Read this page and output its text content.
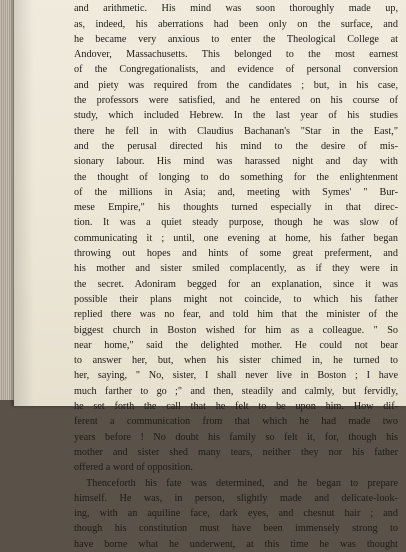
and arithmetic. His mind was soon thoroughly made up,
as, indeed, his aberrations had been only on the surface, and
he became very anxious to enter the Theological College at
Andover, Massachusetts. This belonged to the most earnest
of the Congregationalists, and evidence of personal conversion
and piety was required from the candidates ; but, in his case,
the professors were satisfied, and he entered on his course of
study, which included Hebrew. In the last year of his studies
there he fell in with Claudius Bachanan's "Star in the East,"
and the perusal directed his mind to the desire of mis-
sionary labour. His mind was harassed night and day with
the thought of longing to do something for the enlightenment
of the millions in Asia; and, meeting with Symes' " Bur-
mese Empire," his thoughts turned especially in that direc-
tion. It was a quiet steady purpose, though he was slow of
communicating it ; until, one evening at home, his father began
throwing out hopes and hints of some great preferment, and
his mother and sister smiled complacently, as if they were in
the secret. Adoniram begged for an explanation, since it was
possible their plans might not coincide, to which his father
replied there was no fear, and told him that the minister of the
biggest church in Boston wished for him as a colleague. " So
near home," said the delighted mother. He could not bear
to answer her, but, when his sister chimed in, he turned to
her, saying, " No, sister, I shall never live in Boston ; I have
much farther to go ;" and then, steadily and calmly, but fervidly,
he set forth the call that he felt to be upon him. How dif-
ferent a communication from that which he had made two
years before ! No doubt his family so felt it, for, though his
mother and sister shed many tears, neither they nor his father
offered a word of opposition.
Thenceforth his fate was determined, and he began to prepare
himself. He was, in person, slightly made and delicate-look-
ing, with an aquiline face, dark eyes, and chesnut hair ; and
though his constitution must have been immensely strong to
have borne what he underwent, at this time he was thought
